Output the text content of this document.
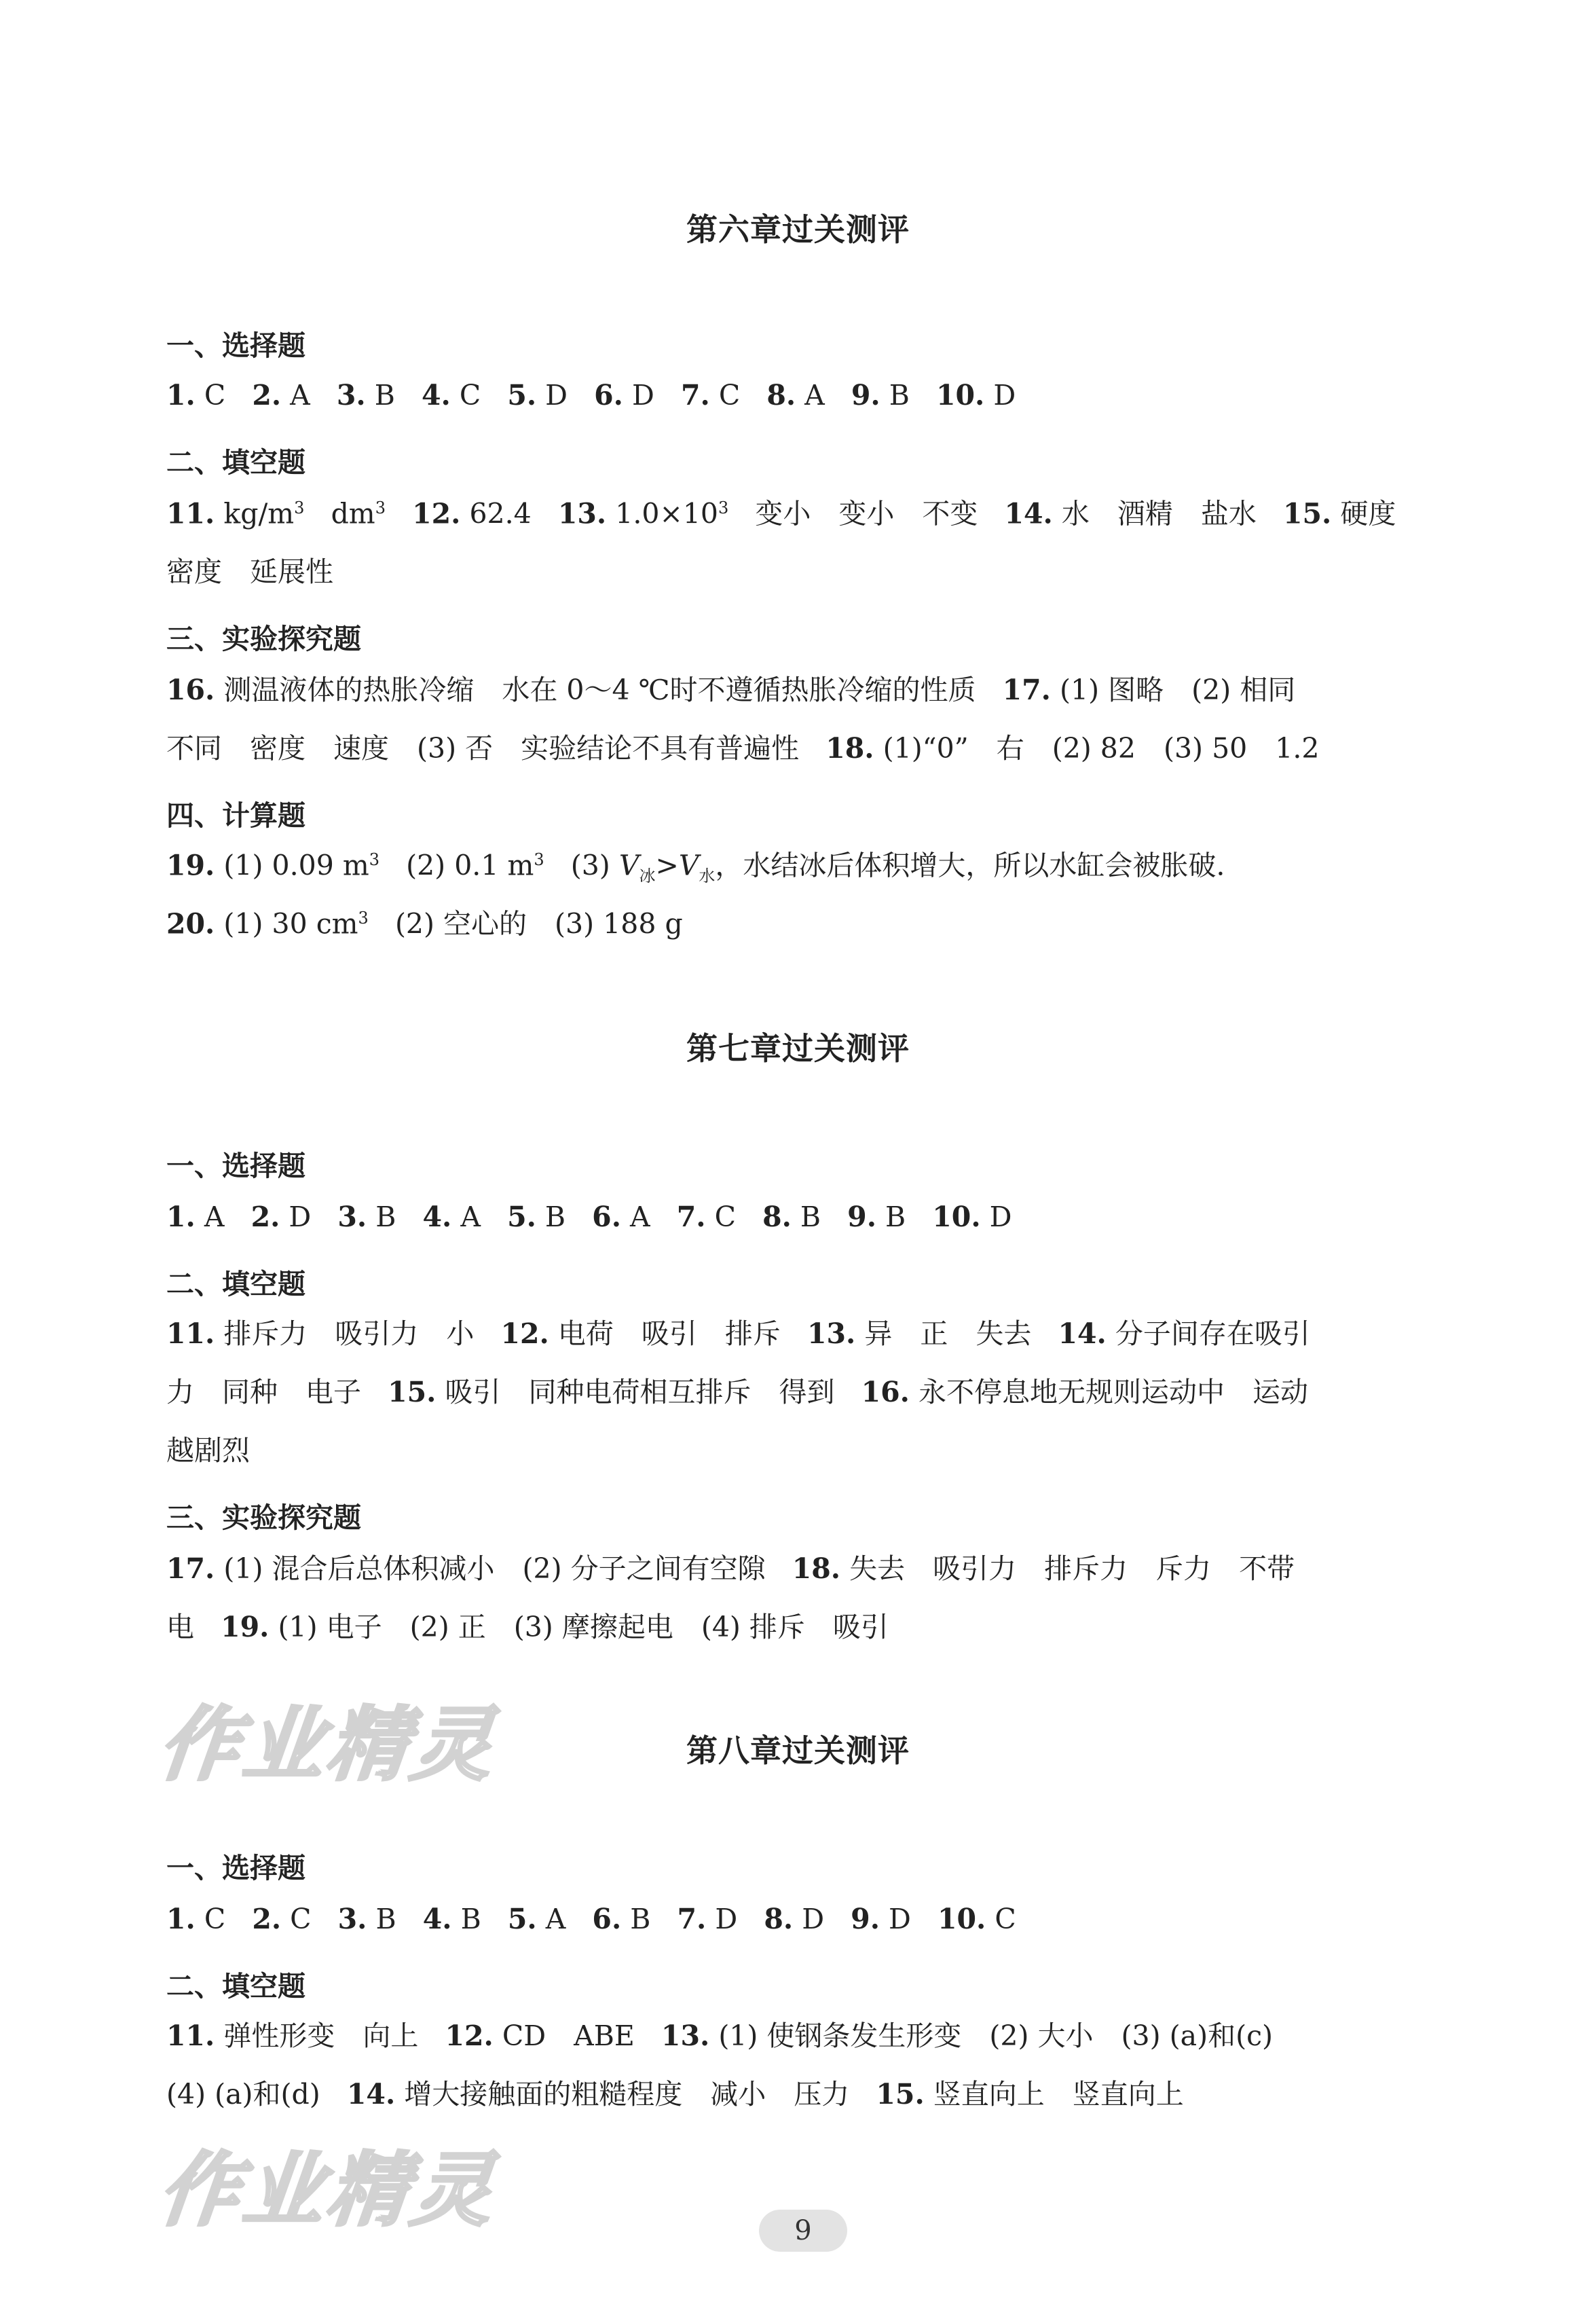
第六章过关测评
一、选择题
1. C 2. A 3. B 4. C 5. D 6. D 7. C 8. A 9. B 10. D
二、填空题
11. $kg/m^3$ $dm^3$ 12. 62.4 13. $1.0\times 10^3$ 变小　变小　不变 14. 水　酒精　盐水 15. 硬度
密度　延展性
三、实验探究题
16. 测温液体的热胀冷缩　水在 0～4 ℃时不遵循热胀冷缩的性质 17. (1) 图略　(2) 相同
不同　密度　速度　(3) 否　实验结论不具有普遍性 18. (1)“0”　右　(2) 82　(3) 50　1.2
四、计算题
19. (1) 0.09 $m^3$ (2) 0.1 $m^3$ (3) $V_冰>V_水$，水结冰后体积增大，所以水缸会被胀破.
20. (1) 30 $cm^3$ (2) 空心的　(3) 188 g
第七章过关测评
一、选择题
1. A 2. D 3. B 4. A 5. B 6. A 7. C 8. B 9. B 10. D
二、填空题
11. 排斥力　吸引力　小 12. 电荷　吸引　排斥 13. 异　正　失去 14. 分子间存在吸引
力　同种　电子 15. 吸引　同种电荷相互排斥　得到 16. 永不停息地无规则运动中　运动
越剧烈
三、实验探究题
17. (1) 混合后总体积减小　(2) 分子之间有空隙 18. 失去　吸引力　排斥力　斥力　不带
电 19. (1) 电子　(2) 正　(3) 摩擦起电　(4) 排斥　吸引
作业精灵	第八章过关测评
一、选择题
1. C 2. C 3. B 4. B 5. A 6. B 7. D 8. D 9. D 10. C
二、填空题
11. 弹性形变　向上 12. CD　ABE 13. (1) 使钢条发生形变　(2) 大小　(3) (a)和(c)
(4) (a)和(d) 14. 增大接触面的粗糙程度　减小　压力 15. 竖直向上　竖直向上
作业精灵	9
